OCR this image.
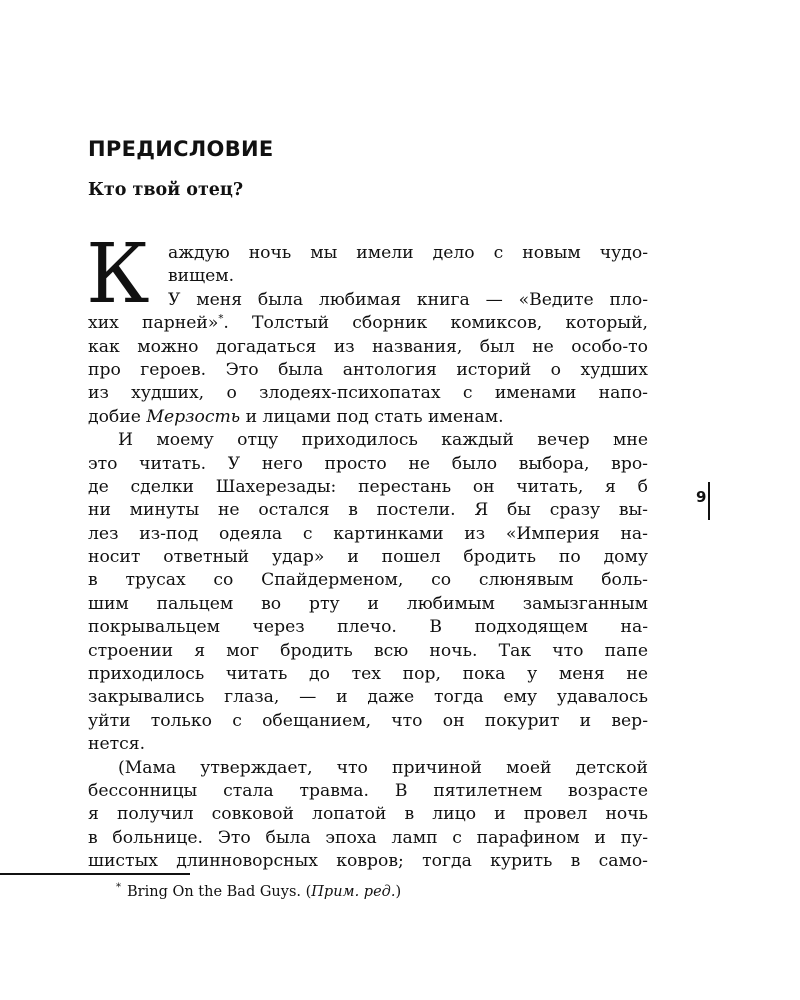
ПРЕДИСЛОВИЕ
Кто твой отец?
К	аждую ночь мы имели дело с новым чудо-
вищем.
У меня была любимая книга — «Ведите пло-
хих парней»*. Толстый сборник комиксов, который,
как можно догадаться из названия, был не особо-то
про героев. Это была антология историй о худших
из худших, о злодеях-психопатах с именами напо-
добие Мерзость и лицами под стать именам.
И моему отцу приходилось каждый вечер мне
это читать. У него просто не было выбора, вро-
де сделки Шахерезады: перестань он читать, я б
ни минуты не остался в постели. Я бы сразу вы-
лез из-под одеяла с картинками из «Империя на-
носит ответный удар» и пошел бродить по дому
в трусах со Спайдерменом, со слюнявым боль-
шим пальцем во рту и любимым замызганным
покрывальцем через плечо. В подходящем на-
строении я мог бродить всю ночь. Так что папе
приходилось читать до тех пор, пока у меня не
закрывались глаза, — и даже тогда ему удавалось
уйти только с обещанием, что он покурит и вер-
нется.
(Мама утверждает, что причиной моей детской
бессонницы стала травма. В пятилетнем возрасте
я получил совковой лопатой в лицо и провел ночь
в больнице. Это была эпоха ламп с парафином и пу-
шистых длинноворсных ковров; тогда курить в само-
9
* Bring On the Bad Guys. (Прим. ред.)
